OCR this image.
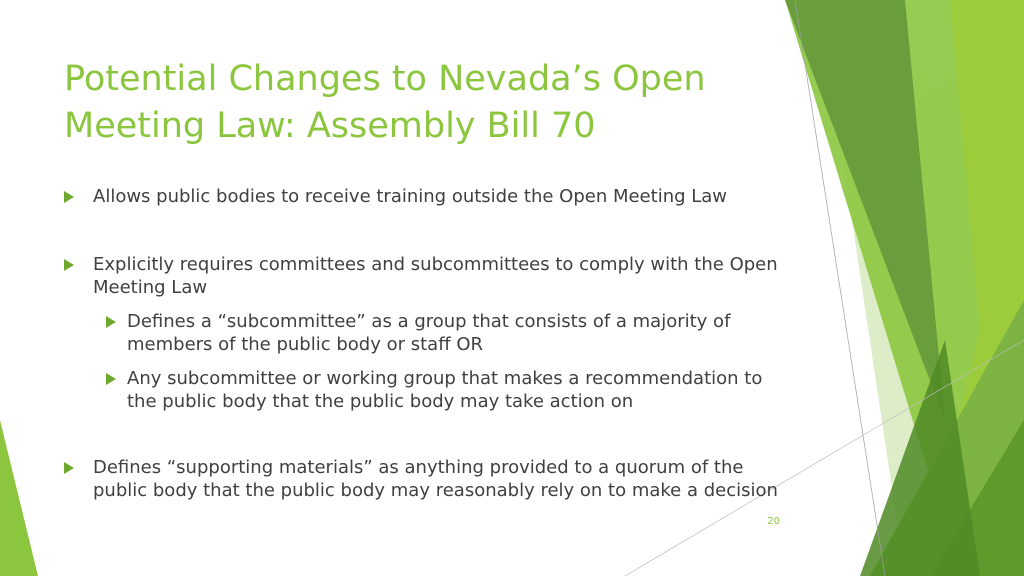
Potential Changes to Nevada’s Open
Meeting Law: Assembly Bill 70
Allows public bodies to receive training outside the Open Meeting Law
Explicitly requires committees and subcommittees to comply with the Open Meeting Law
Defines a “subcommittee” as a group that consists of a majority of members of the public body or staff OR
Any subcommittee or working group that makes a recommendation to the public body that the public body may take action on
Defines “supporting materials” as anything provided to a quorum of the public body that the public body may reasonably rely on to make a decision
20
